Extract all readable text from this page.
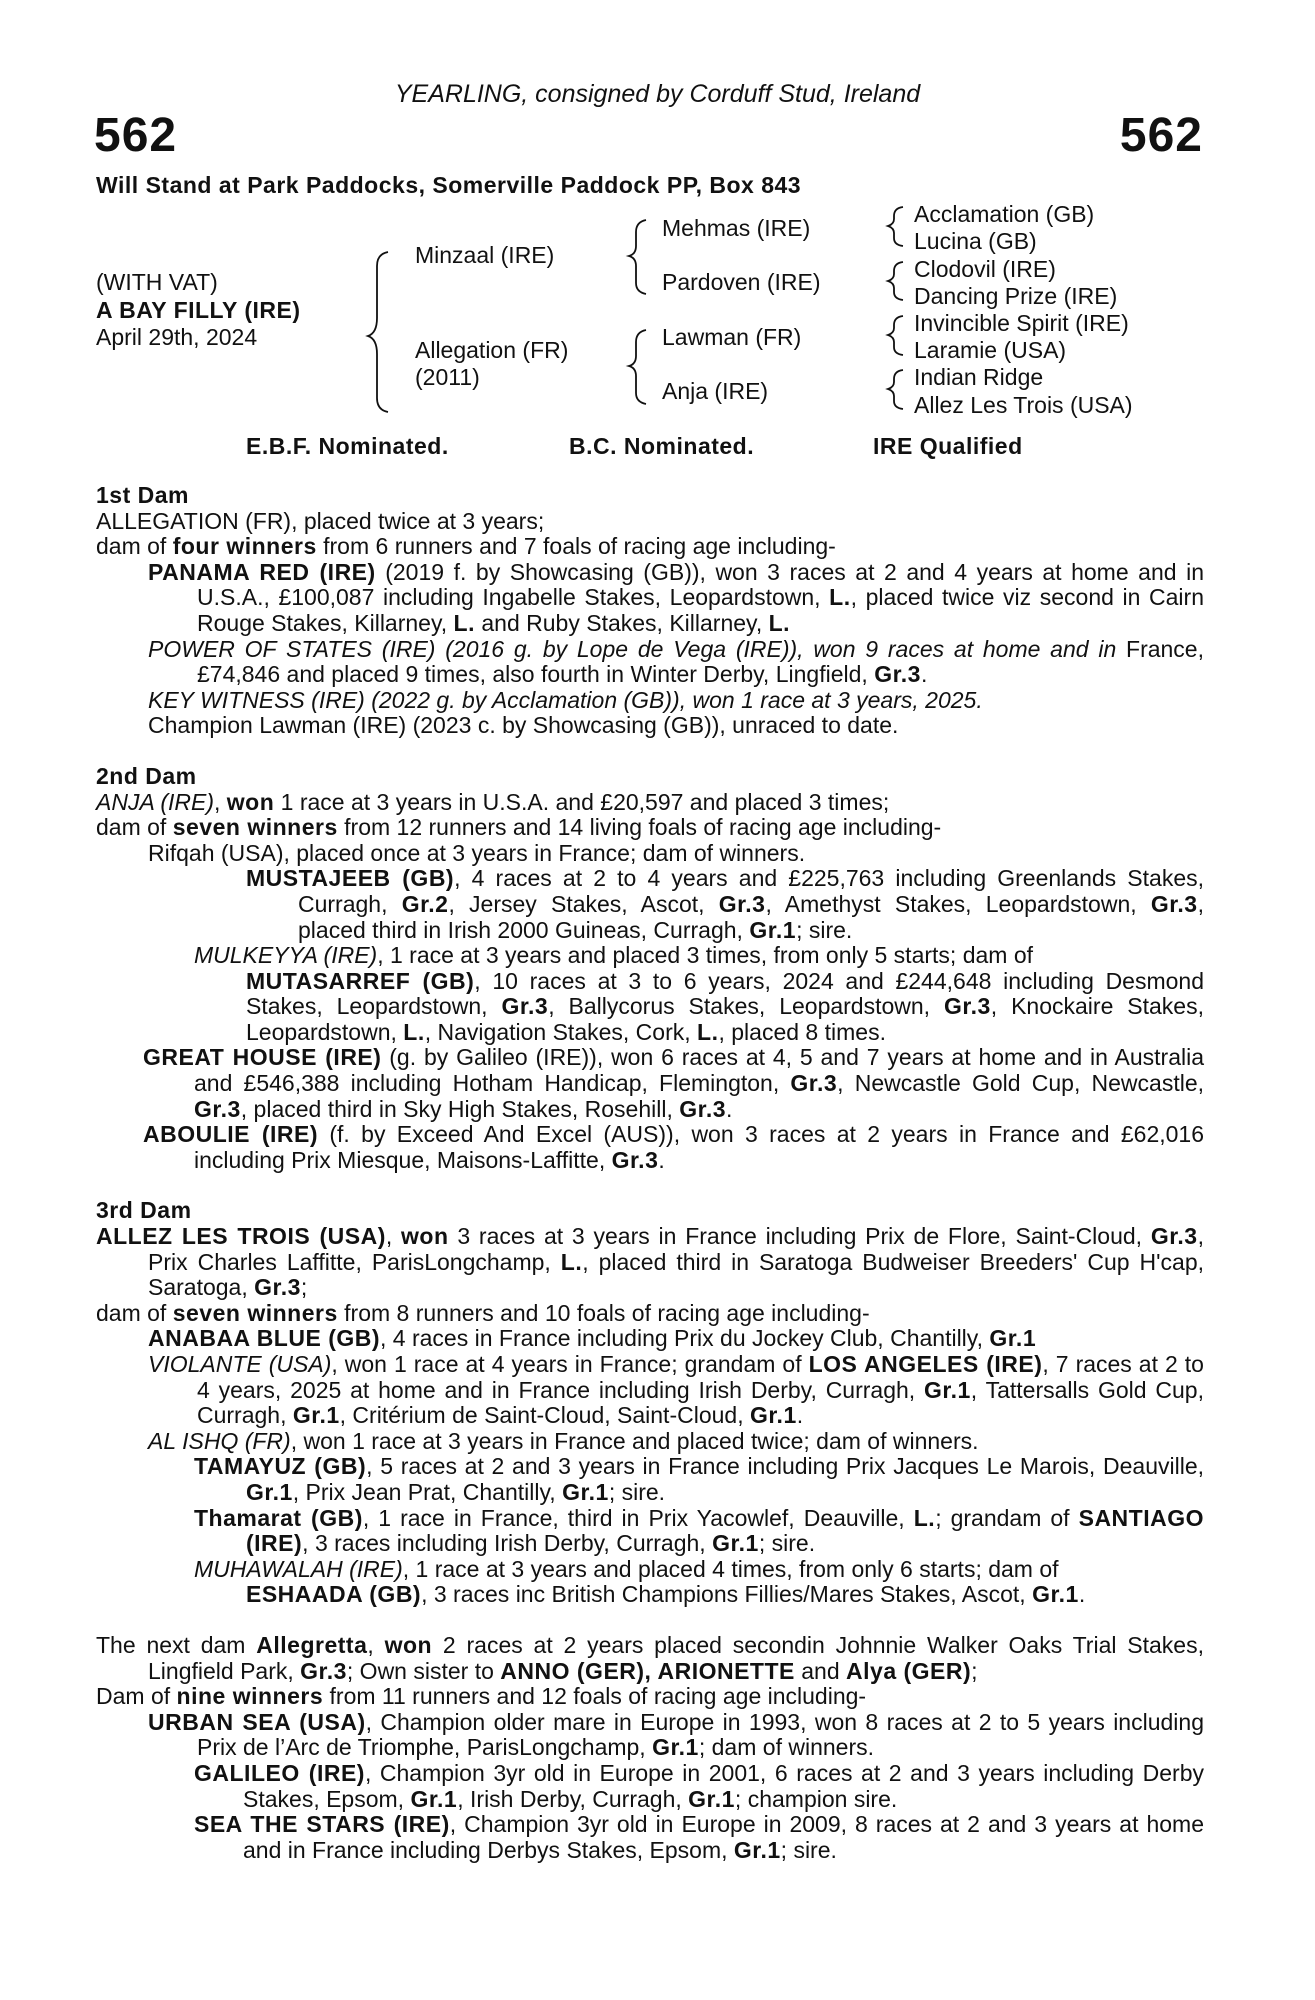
YEARLING, consigned by Corduff Stud, Ireland
562	562
Will Stand at Park Paddocks, Somerville Paddock PP, Box 843
(WITH VAT)
A BAY FILLY (IRE)
April 29th, 2024
Minzaal (IRE)
Allegation (FR)
(2011)
Mehmas (IRE)
Pardoven (IRE)
Lawman (FR)
Anja (IRE)
Acclamation (GB)
Lucina (GB)
Clodovil (IRE)
Dancing Prize (IRE)
Invincible Spirit (IRE)
Laramie (USA)
Indian Ridge
Allez Les Trois (USA)
E.B.F. Nominated.	B.C. Nominated.	IRE Qualified

1st Dam

ALLEGATION (FR), placed twice at 3 years;

dam of four winners from 6 runners and 7 foals of racing age including-

PANAMA RED (IRE) (2019 f. by Showcasing (GB)), won 3 races at 2 and 4 years at home and in U.S.A., £100,087 including Ingabelle Stakes, Leopardstown, L., placed twice viz second in Cairn Rouge Stakes, Killarney, L. and Ruby Stakes, Killarney, L.

POWER OF STATES (IRE) (2016 g. by Lope de Vega (IRE)), won 9 races at home and in France, £74,846 and placed 9 times, also fourth in Winter Derby, Lingfield, Gr.3.

KEY WITNESS (IRE) (2022 g. by Acclamation (GB)), won 1 race at 3 years, 2025.

Champion Lawman (IRE) (2023 c. by Showcasing (GB)), unraced to date.

2nd Dam

ANJA (IRE), won 1 race at 3 years in U.S.A. and £20,597 and placed 3 times;

dam of seven winners from 12 runners and 14 living foals of racing age including-

Rifqah (USA), placed once at 3 years in France; dam of winners.

MUSTAJEEB (GB), 4 races at 2 to 4 years and £225,763 including Greenlands Stakes, Curragh, Gr.2, Jersey Stakes, Ascot, Gr.3, Amethyst Stakes, Leopardstown, Gr.3, placed third in Irish 2000 Guineas, Curragh, Gr.1; sire.

MULKEYYA (IRE), 1 race at 3 years and placed 3 times, from only 5 starts; dam of

MUTASARREF (GB), 10 races at 3 to 6 years, 2024 and £244,648 including Desmond Stakes, Leopardstown, Gr.3, Ballycorus Stakes, Leopardstown, Gr.3, Knockaire Stakes, Leopardstown, L., Navigation Stakes, Cork, L., placed 8 times.

GREAT HOUSE (IRE) (g. by Galileo (IRE)), won 6 races at 4, 5 and 7 years at home and in Australia and £546,388 including Hotham Handicap, Flemington, Gr.3, Newcastle Gold Cup, Newcastle, Gr.3, placed third in Sky High Stakes, Rosehill, Gr.3.

ABOULIE (IRE) (f. by Exceed And Excel (AUS)), won 3 races at 2 years in France and £62,016 including Prix Miesque, Maisons-Laffitte, Gr.3.

3rd Dam

ALLEZ LES TROIS (USA), won 3 races at 3 years in France including Prix de Flore, Saint-Cloud, Gr.3, Prix Charles Laffitte, ParisLongchamp, L., placed third in Saratoga Budweiser Breeders' Cup H'cap, Saratoga, Gr.3;

dam of seven winners from 8 runners and 10 foals of racing age including-

ANABAA BLUE (GB), 4 races in France including Prix du Jockey Club, Chantilly, Gr.1

VIOLANTE (USA), won 1 race at 4 years in France; grandam of LOS ANGELES (IRE), 7 races at 2 to 4 years, 2025 at home and in France including Irish Derby, Curragh, Gr.1, Tattersalls Gold Cup, Curragh, Gr.1, Critérium de Saint-Cloud, Saint-Cloud, Gr.1.

AL ISHQ (FR), won 1 race at 3 years in France and placed twice; dam of winners.

TAMAYUZ (GB), 5 races at 2 and 3 years in France including Prix Jacques Le Marois, Deauville, Gr.1, Prix Jean Prat, Chantilly, Gr.1; sire.

Thamarat (GB), 1 race in France, third in Prix Yacowlef, Deauville, L.; grandam of SANTIAGO (IRE), 3 races including Irish Derby, Curragh, Gr.1; sire.

MUHAWALAH (IRE), 1 race at 3 years and placed 4 times, from only 6 starts; dam of

ESHAADA (GB), 3 races inc British Champions Fillies/Mares Stakes, Ascot, Gr.1.

The next dam Allegretta, won 2 races at 2 years placed secondin Johnnie Walker Oaks Trial Stakes, Lingfield Park, Gr.3; Own sister to ANNO (GER), ARIONETTE and Alya (GER);

Dam of nine winners from 11 runners and 12 foals of racing age including-

URBAN SEA (USA), Champion older mare in Europe in 1993, won 8 races at 2 to 5 years including Prix de l’Arc de Triomphe, ParisLongchamp, Gr.1; dam of winners.

GALILEO (IRE), Champion 3yr old in Europe in 2001, 6 races at 2 and 3 years including Derby Stakes, Epsom, Gr.1, Irish Derby, Curragh, Gr.1; champion sire.

SEA THE STARS (IRE), Champion 3yr old in Europe in 2009, 8 races at 2 and 3 years at home and in France including Derbys Stakes, Epsom, Gr.1; sire.
